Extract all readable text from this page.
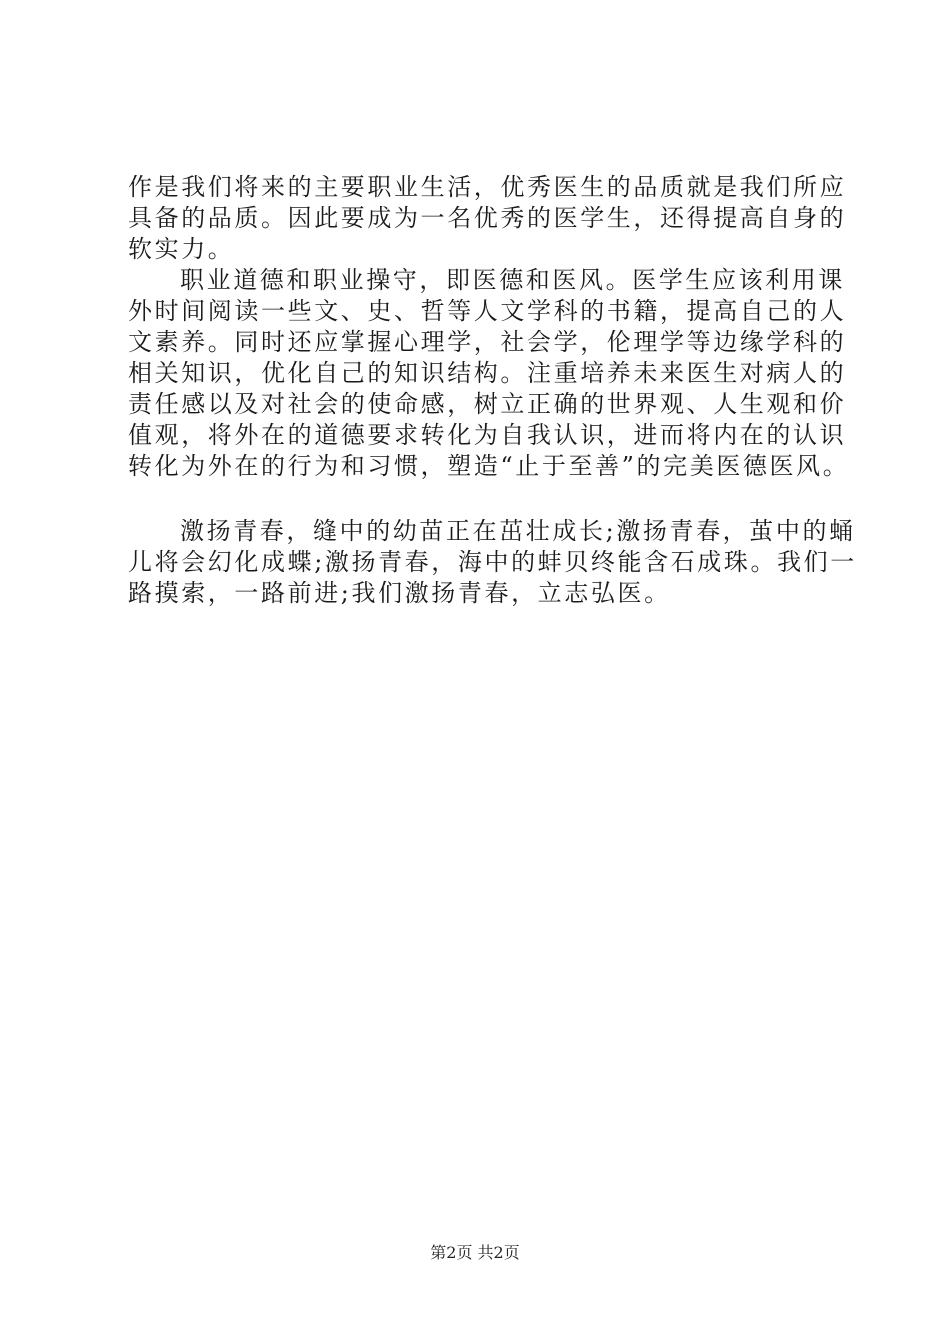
作是我们将来的主要职业生活，优秀医生的品质就是我们所应
具备的品质。因此要成为一名优秀的医学生，还得提高自身的
软实力。
职业道德和职业操守，即医德和医风。医学生应该利用课
外时间阅读一些文、史、哲等人文学科的书籍，提高自己的人
文素养。同时还应掌握心理学，社会学，伦理学等边缘学科的
相关知识，优化自己的知识结构。注重培养未来医生对病人的
责任感以及对社会的使命感，树立正确的世界观、人生观和价
值观，将外在的道德要求转化为自我认识，进而将内在的认识
转化为外在的行为和习惯，塑造“止于至善”的完美医德医风。
激扬青春，缝中的幼苗正在茁壮成长;激扬青春，茧中的蛹
儿将会幻化成蝶;激扬青春，海中的蚌贝终能含石成珠。我们一
路摸索，一路前进;我们激扬青春，立志弘医。
第2页 共2页
